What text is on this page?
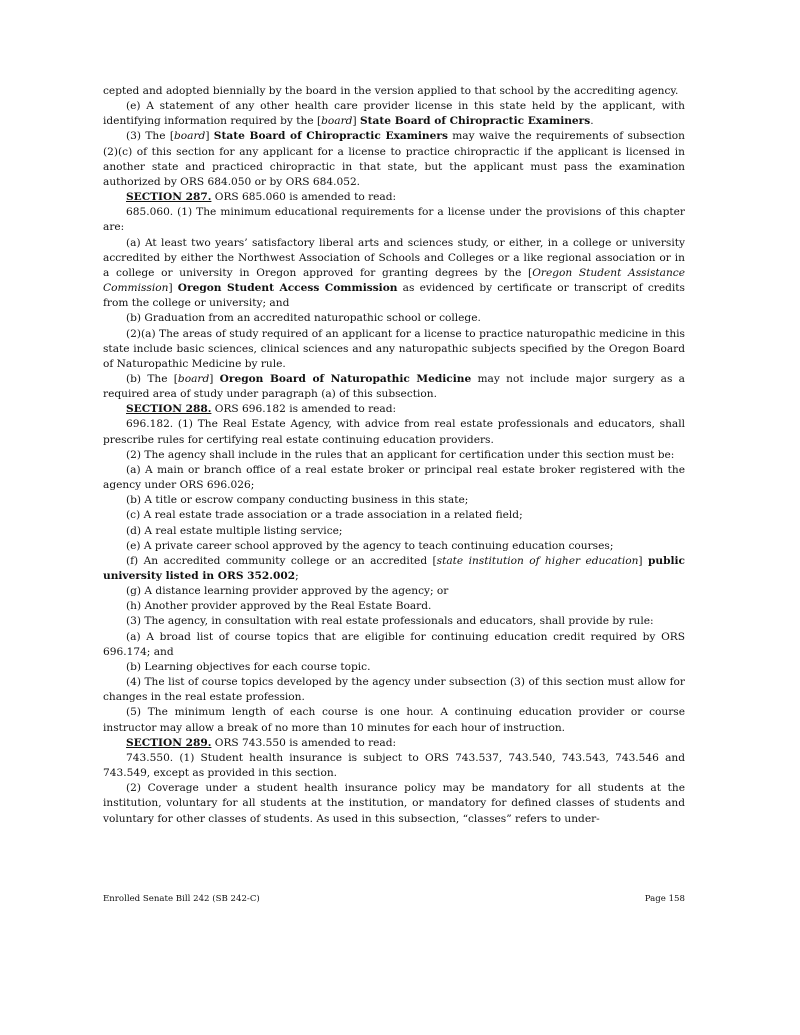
cepted and adopted biennially by the board in the version applied to that school by the accrediting agency.

(e) A statement of any other health care provider license in this state held by the applicant, with identifying information required by the [board] State Board of Chiropractic Examiners.

(3) The [board] State Board of Chiropractic Examiners may waive the requirements of subsection (2)(c) of this section for any applicant for a license to practice chiropractic if the applicant is licensed in another state and practiced chiropractic in that state, but the applicant must pass the examination authorized by ORS 684.050 or by ORS 684.052.

SECTION 287. ORS 685.060 is amended to read:

685.060. (1) The minimum educational requirements for a license under the provisions of this chapter are:

(a) At least two years’ satisfactory liberal arts and sciences study, or either, in a college or university accredited by either the Northwest Association of Schools and Colleges or a like regional association or in a college or university in Oregon approved for granting degrees by the [Oregon Student Assistance Commission] Oregon Student Access Commission as evidenced by certificate or transcript of credits from the college or university; and

(b) Graduation from an accredited naturopathic school or college.

(2)(a) The areas of study required of an applicant for a license to practice naturopathic medicine in this state include basic sciences, clinical sciences and any naturopathic subjects specified by the Oregon Board of Naturopathic Medicine by rule.

(b) The [board] Oregon Board of Naturopathic Medicine may not include major surgery as a required area of study under paragraph (a) of this subsection.

SECTION 288. ORS 696.182 is amended to read:

696.182. (1) The Real Estate Agency, with advice from real estate professionals and educators, shall prescribe rules for certifying real estate continuing education providers.

(2) The agency shall include in the rules that an applicant for certification under this section must be:

(a) A main or branch office of a real estate broker or principal real estate broker registered with the agency under ORS 696.026;

(b) A title or escrow company conducting business in this state;

(c) A real estate trade association or a trade association in a related field;

(d) A real estate multiple listing service;

(e) A private career school approved by the agency to teach continuing education courses;

(f) An accredited community college or an accredited [state institution of higher education] public university listed in ORS 352.002;

(g) A distance learning provider approved by the agency; or

(h) Another provider approved by the Real Estate Board.

(3) The agency, in consultation with real estate professionals and educators, shall provide by rule:

(a) A broad list of course topics that are eligible for continuing education credit required by ORS 696.174; and

(b) Learning objectives for each course topic.

(4) The list of course topics developed by the agency under subsection (3) of this section must allow for changes in the real estate profession.

(5) The minimum length of each course is one hour. A continuing education provider or course instructor may allow a break of no more than 10 minutes for each hour of instruction.

SECTION 289. ORS 743.550 is amended to read:

743.550. (1) Student health insurance is subject to ORS 743.537, 743.540, 743.543, 743.546 and 743.549, except as provided in this section.

(2) Coverage under a student health insurance policy may be mandatory for all students at the institution, voluntary for all students at the institution, or mandatory for defined classes of students and voluntary for other classes of students. As used in this subsection, “classes” refers to under-

Enrolled Senate Bill 242 (SB 242-C)	Page 158
